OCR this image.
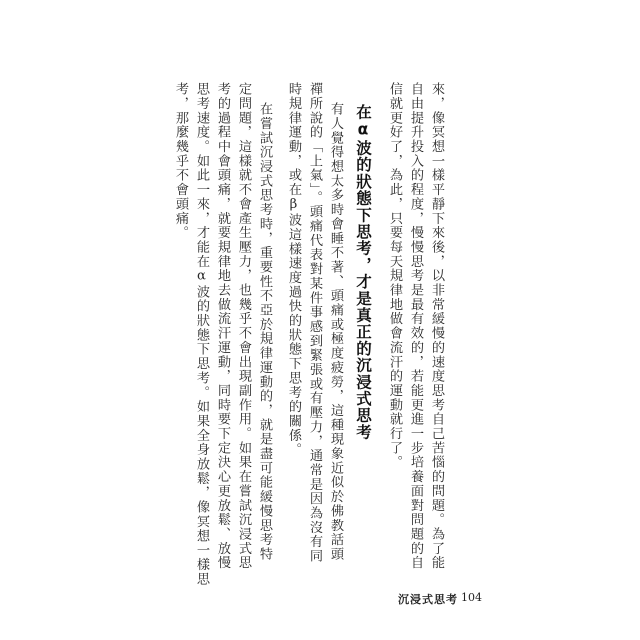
來，像冥想一樣平靜下來後，以非常緩慢的速度思考自己苦惱的問題。為了能
自由提升投入的程度，慢慢思考是最有效的，若能更進一步培養面對問題的自
信就更好了，為此，只要每天規律地做會流汗的運動就行了。
在α波的狀態下思考，才是真正的沉浸式思考
有人覺得想太多時會睡不著、頭痛或極度疲勞，這種現象近似於佛教話頭
禪所說的「上氣」。頭痛代表對某件事感到緊張或有壓力，通常是因為沒有同
時規律運動，或在β波這樣速度過快的狀態下思考的關係。
在嘗試沉浸式思考時，重要性不亞於規律運動的，就是盡可能緩慢思考特
定問題，這樣就不會產生壓力，也幾乎不會出現副作用。如果在嘗試沉浸式思
考的過程中會頭痛，就要規律地去做流汗運動，同時要下定決心更放鬆、放慢
思考速度。如此一來，才能在α波的狀態下思考。如果全身放鬆，像冥想一樣思
考，那麼幾乎不會頭痛。
沉浸式思考 104
